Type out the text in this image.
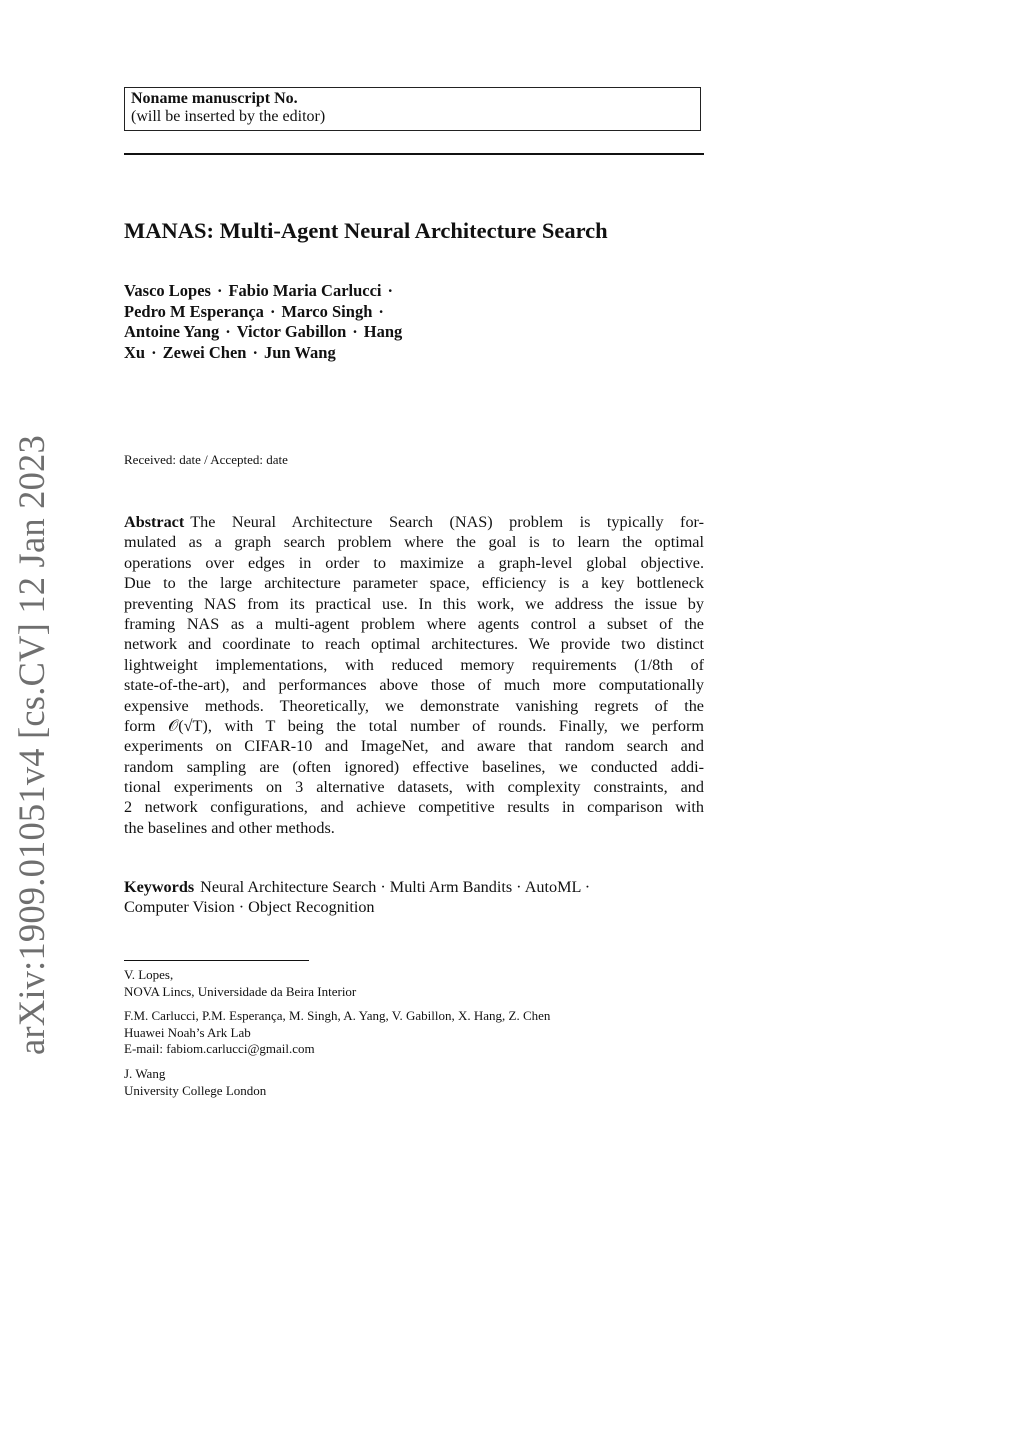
arXiv:1909.01051v4 [cs.CV] 12 Jan 2023
Noname manuscript No.
(will be inserted by the editor)
MANAS: Multi-Agent Neural Architecture Search
Vasco Lopes · Fabio Maria Carlucci ·
Pedro M Esperança · Marco Singh ·
Antoine Yang · Victor Gabillon · Hang
Xu · Zewei Chen · Jun Wang
Received: date / Accepted: date
Abstract The Neural Architecture Search (NAS) problem is typically for-
mulated as a graph search problem where the goal is to learn the optimal
operations over edges in order to maximize a graph-level global objective.
Due to the large architecture parameter space, efficiency is a key bottleneck
preventing NAS from its practical use. In this work, we address the issue by
framing NAS as a multi-agent problem where agents control a subset of the
network and coordinate to reach optimal architectures. We provide two distinct
lightweight implementations, with reduced memory requirements (1/8th of
state-of-the-art), and performances above those of much more computationally
expensive methods. Theoretically, we demonstrate vanishing regrets of the
form 𝒪(√T), with T being the total number of rounds. Finally, we perform
experiments on CIFAR-10 and ImageNet, and aware that random search and
random sampling are (often ignored) effective baselines, we conducted addi-
tional experiments on 3 alternative datasets, with complexity constraints, and
2 network configurations, and achieve competitive results in comparison with
the baselines and other methods.
Keywords Neural Architecture Search · Multi Arm Bandits · AutoML ·
Computer Vision · Object Recognition
V. Lopes,
NOVA Lincs, Universidade da Beira Interior
F.M. Carlucci, P.M. Esperança, M. Singh, A. Yang, V. Gabillon, X. Hang, Z. Chen
Huawei Noah’s Ark Lab
E-mail: fabiom.carlucci@gmail.com
J. Wang
University College London
